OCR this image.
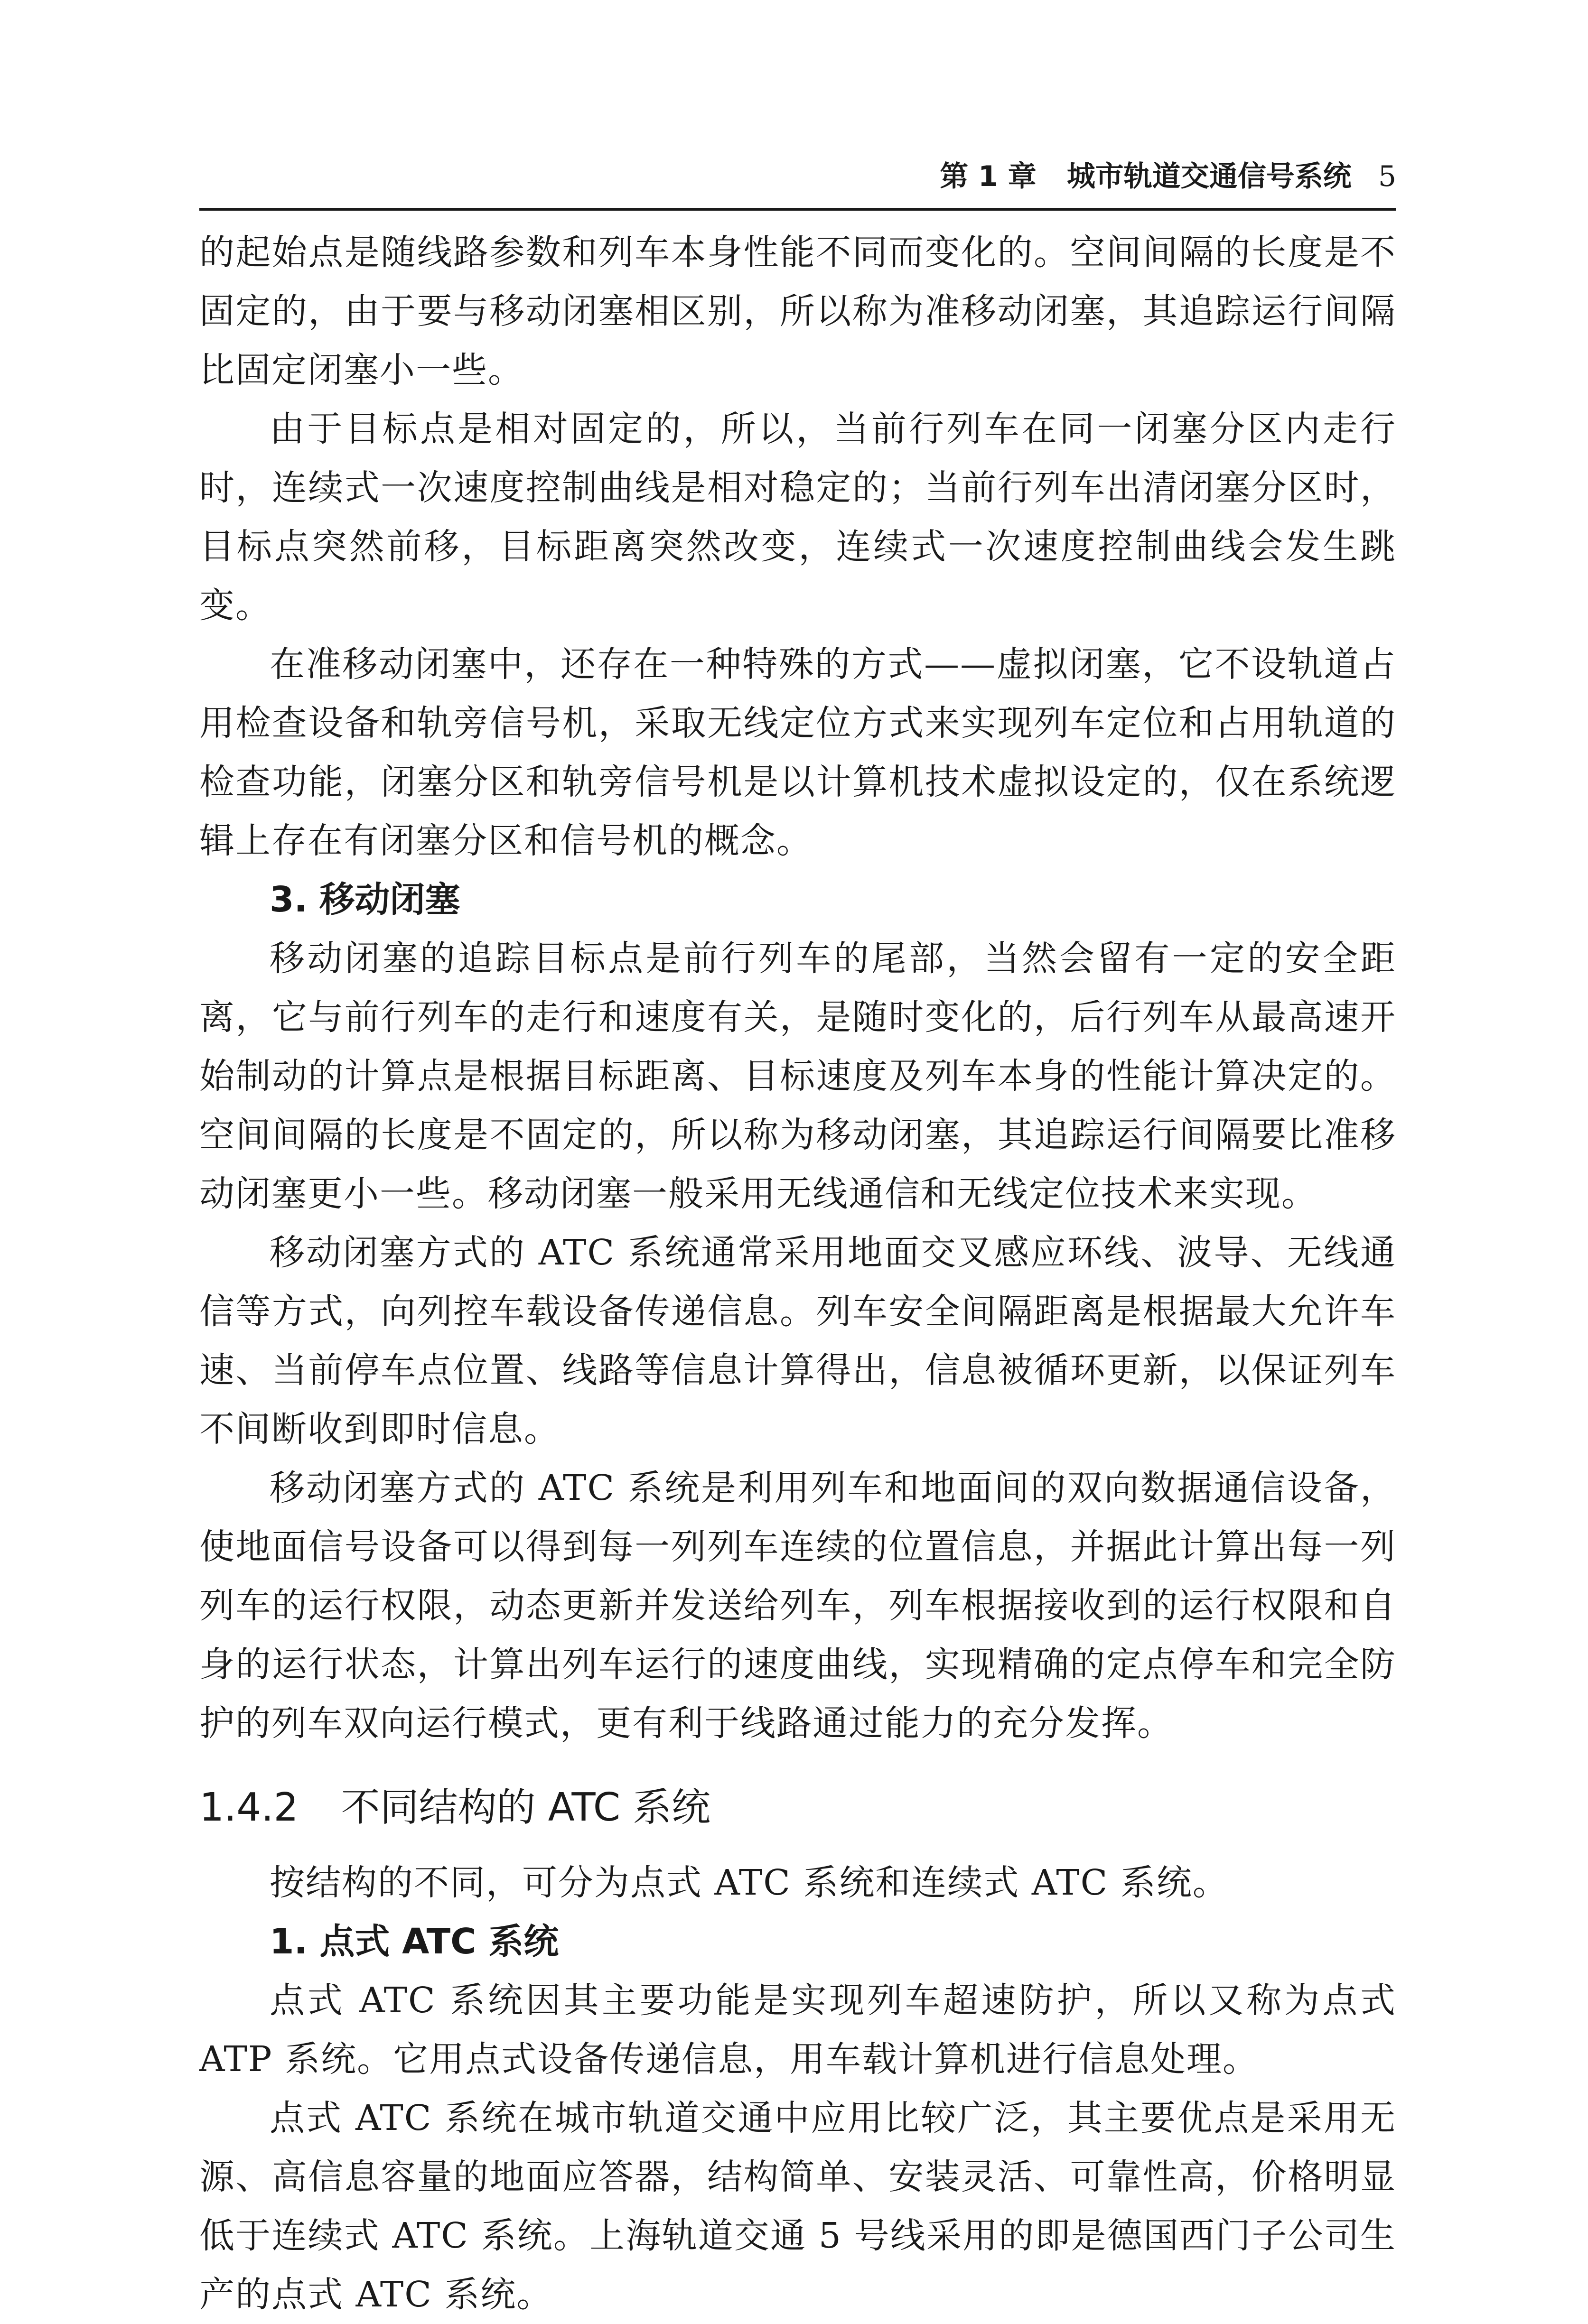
第 1 章 城市轨道交通信号系统 5

的起始点是随线路参数和列车本身性能不同而变化的。空间间隔的长度是不固定的，由于要与移动闭塞相区别，所以称为准移动闭塞，其追踪运行间隔比固定闭塞小一些。

由于目标点是相对固定的，所以，当前行列车在同一闭塞分区内走行时，连续式一次速度控制曲线是相对稳定的；当前行列车出清闭塞分区时，目标点突然前移，目标距离突然改变，连续式一次速度控制曲线会发生跳变。

在准移动闭塞中，还存在一种特殊的方式——虚拟闭塞，它不设轨道占用检查设备和轨旁信号机，采取无线定位方式来实现列车定位和占用轨道的检查功能，闭塞分区和轨旁信号机是以计算机技术虚拟设定的，仅在系统逻辑上存在有闭塞分区和信号机的概念。

3. 移动闭塞

移动闭塞的追踪目标点是前行列车的尾部，当然会留有一定的安全距离，它与前行列车的走行和速度有关，是随时变化的，后行列车从最高速开始制动的计算点是根据目标距离、目标速度及列车本身的性能计算决定的。空间间隔的长度是不固定的，所以称为移动闭塞，其追踪运行间隔要比准移动闭塞更小一些。移动闭塞一般采用无线通信和无线定位技术来实现。

移动闭塞方式的 ATC 系统通常采用地面交叉感应环线、波导、无线通信等方式，向列控车载设备传递信息。列车安全间隔距离是根据最大允许车速、当前停车点位置、线路等信息计算得出，信息被循环更新，以保证列车不间断收到即时信息。

移动闭塞方式的 ATC 系统是利用列车和地面间的双向数据通信设备，使地面信号设备可以得到每一列列车连续的位置信息，并据此计算出每一列列车的运行权限，动态更新并发送给列车，列车根据接收到的运行权限和自身的运行状态，计算出列车运行的速度曲线，实现精确的定点停车和完全防护的列车双向运行模式，更有利于线路通过能力的充分发挥。

1.4.2 不同结构的 ATC 系统

按结构的不同，可分为点式 ATC 系统和连续式 ATC 系统。

1. 点式 ATC 系统

点式 ATC 系统因其主要功能是实现列车超速防护，所以又称为点式 ATP 系统。它用点式设备传递信息，用车载计算机进行信息处理。

点式 ATC 系统在城市轨道交通中应用比较广泛，其主要优点是采用无源、高信息容量的地面应答器，结构简单、安装灵活、可靠性高，价格明显低于连续式 ATC 系统。上海轨道交通 5 号线采用的即是德国西门子公司生产的点式 ATC 系统。
